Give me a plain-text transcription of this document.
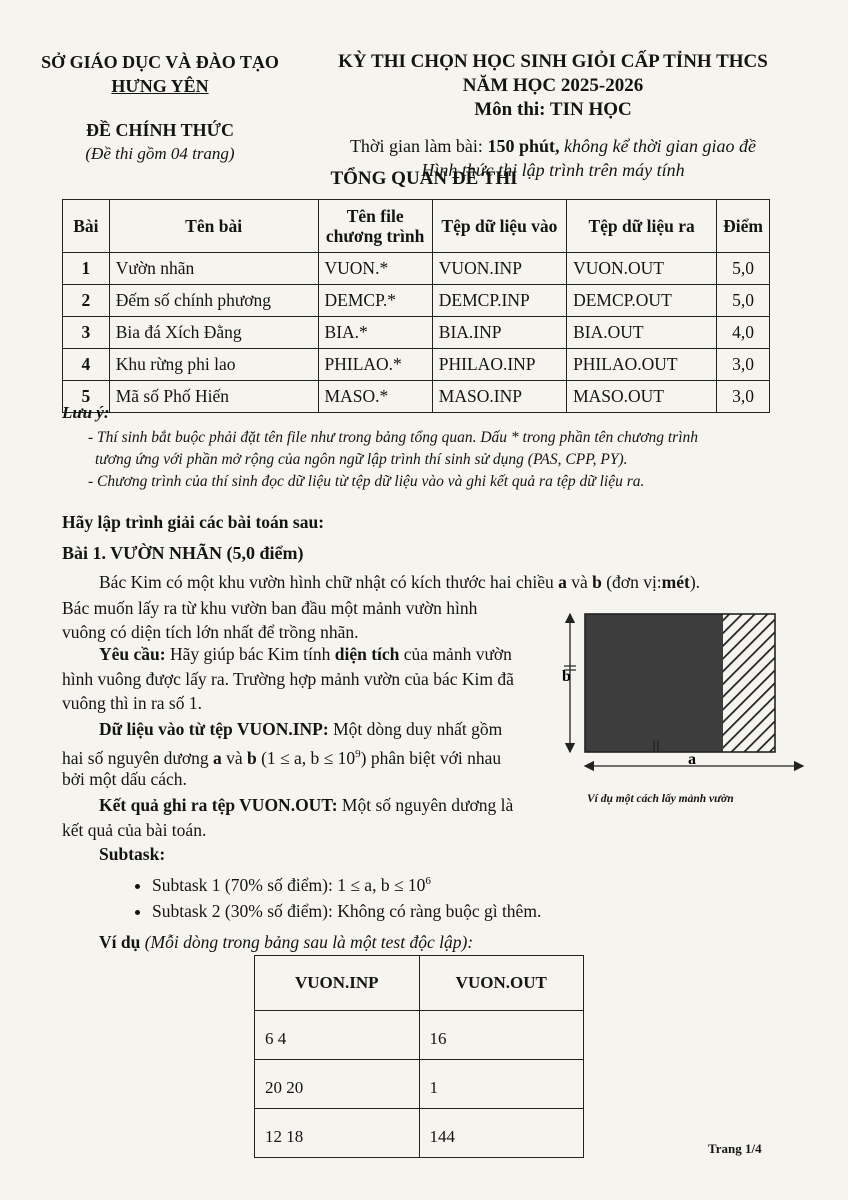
SỞ GIÁO DỤC VÀ ĐÀO TẠO
HƯNG YÊN
ĐỀ CHÍNH THỨC
(Đề thi gồm 04 trang)
KỲ THI CHỌN HỌC SINH GIỎI CẤP TỈNH THCS
NĂM HỌC 2025-2026
Môn thi: TIN HỌC
Thời gian làm bài: 150 phút, không kể thời gian giao đề
Hình thức thi lập trình trên máy tính
TỔNG QUAN ĐỀ THI
Bài	Tên bài	Tên file chương trình	Tệp dữ liệu vào	Tệp dữ liệu ra	Điểm
1	Vườn nhãn	VUON.*	VUON.INP	VUON.OUT	5,0
2	Đếm số chính phương	DEMCP.*	DEMCP.INP	DEMCP.OUT	5,0
3	Bia đá Xích Đằng	BIA.*	BIA.INP	BIA.OUT	4,0
4	Khu rừng phi lao	PHILAO.*	PHILAO.INP	PHILAO.OUT	3,0
5	Mã số Phố Hiến	MASO.*	MASO.INP	MASO.OUT	3,0
Lưu ý:
- Thí sinh bắt buộc phải đặt tên file như trong bảng tổng quan. Dấu * trong phần tên chương trình
tương ứng với phần mở rộng của ngôn ngữ lập trình thí sinh sử dụng (PAS, CPP, PY).
- Chương trình của thí sinh đọc dữ liệu từ tệp dữ liệu vào và ghi kết quả ra tệp dữ liệu ra.
Hãy lập trình giải các bài toán sau:
Bài 1. VƯỜN NHÃN (5,0 điểm)
Bác Kim có một khu vườn hình chữ nhật có kích thước hai chiều a và b (đơn vị:mét).
Bác muốn lấy ra từ khu vườn ban đầu một mảnh vườn hình
vuông có diện tích lớn nhất để trồng nhãn.
Yêu cầu: Hãy giúp bác Kim tính diện tích của mảnh vườn
hình vuông được lấy ra. Trường hợp mảnh vườn của bác Kim đã
vuông thì in ra số 1.
Dữ liệu vào từ tệp VUON.INP: Một dòng duy nhất gồm
hai số nguyên dương a và b (1 ≤ a, $b \le 10^9$) phân biệt với nhau
bởi một dấu cách.
Kết quả ghi ra tệp VUON.OUT: Một số nguyên dương là
kết quả của bài toán.
Subtask:
• Subtask 1 (70% số điểm): 1 ≤ a, $b \le 10^6$
• Subtask 2 (30% số điểm): Không có ràng buộc gì thêm.
Ví dụ (Mỗi dòng trong bảng sau là một test độc lập):
VUON.INP	VUON.OUT
6 4	16
20 20	1
12 18	144
b
a
Ví dụ một cách lấy mảnh vườn
Trang 1/4
